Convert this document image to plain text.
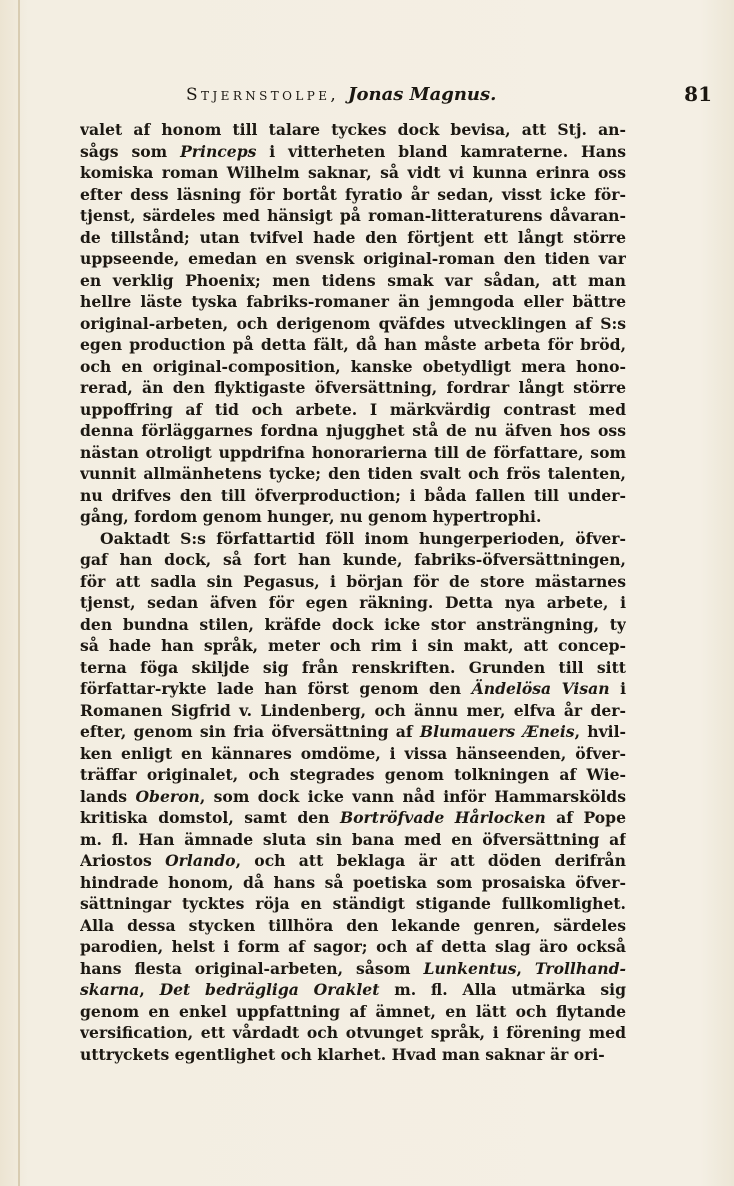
Stjernstolpe, Jonas Magnus.	81
valet af honom till talare tyckes dock bevisa, att Stj. an-
sågs som Princeps i vitterheten bland kamraterne. Hans
komiska roman Wilhelm saknar, så vidt vi kunna erinra oss
efter dess läsning för bortåt fyratio år sedan, visst icke för-
tjenst, särdeles med hänsigt på roman-litteraturens dåvaran-
de tillstånd; utan tvifvel hade den förtjent ett långt större
uppseende, emedan en svensk original-roman den tiden var
en verklig Phoenix; men tidens smak var sådan, att man
hellre läste tyska fabriks-romaner än jemngoda eller bättre
original-arbeten, och derigenom qväfdes utvecklingen af S:s
egen production på detta fält, då han måste arbeta för bröd,
och en original-composition, kanske obetydligt mera hono-
rerad, än den flyktigaste öfversättning, fordrar långt större
uppoffring af tid och arbete. I märkvärdig contrast med
denna förläggarnes fordna njugghet stå de nu äfven hos oss
nästan otroligt uppdrifna honorarierna till de författare, som
vunnit allmänhetens tycke; den tiden svalt och frös talenten,
nu drifves den till öfverproduction; i båda fallen till under-
gång, fordom genom hunger, nu genom hypertrophi.
Oaktadt S:s författartid föll inom hungerperioden, öfver-
gaf han dock, så fort han kunde, fabriks-öfversättningen,
för att sadla sin Pegasus, i början för de store mästarnes
tjenst, sedan äfven för egen räkning. Detta nya arbete, i
den bundna stilen, kräfde dock icke stor ansträngning, ty
så hade han språk, meter och rim i sin makt, att concep-
terna föga skiljde sig från renskriften. Grunden till sitt
författar-rykte lade han först genom den Ändelösa Visan i
Romanen Sigfrid v. Lindenberg, och ännu mer, elfva år der-
efter, genom sin fria öfversättning af Blumauers Æneis, hvil-
ken enligt en kännares omdöme, i vissa hänseenden, öfver-
träffar originalet, och stegrades genom tolkningen af Wie-
lands Oberon, som dock icke vann nåd inför Hammarskölds
kritiska domstol, samt den Bortröfvade Hårlocken af Pope
m. fl. Han ämnade sluta sin bana med en öfversättning af
Ariostos Orlando, och att beklaga är att döden derifrån
hindrade honom, då hans så poetiska som prosaiska öfver-
sättningar tycktes röja en ständigt stigande fullkomlighet.
Alla dessa stycken tillhöra den lekande genren, särdeles
parodien, helst i form af sagor; och af detta slag äro också
hans flesta original-arbeten, såsom Lunkentus, Trollhand-
skarna, Det bedrägliga Oraklet m. fl. Alla utmärka sig
genom en enkel uppfattning af ämnet, en lätt och flytande
versification, ett vårdadt och otvunget språk, i förening med
uttryckets egentlighet och klarhet. Hvad man saknar är ori-
